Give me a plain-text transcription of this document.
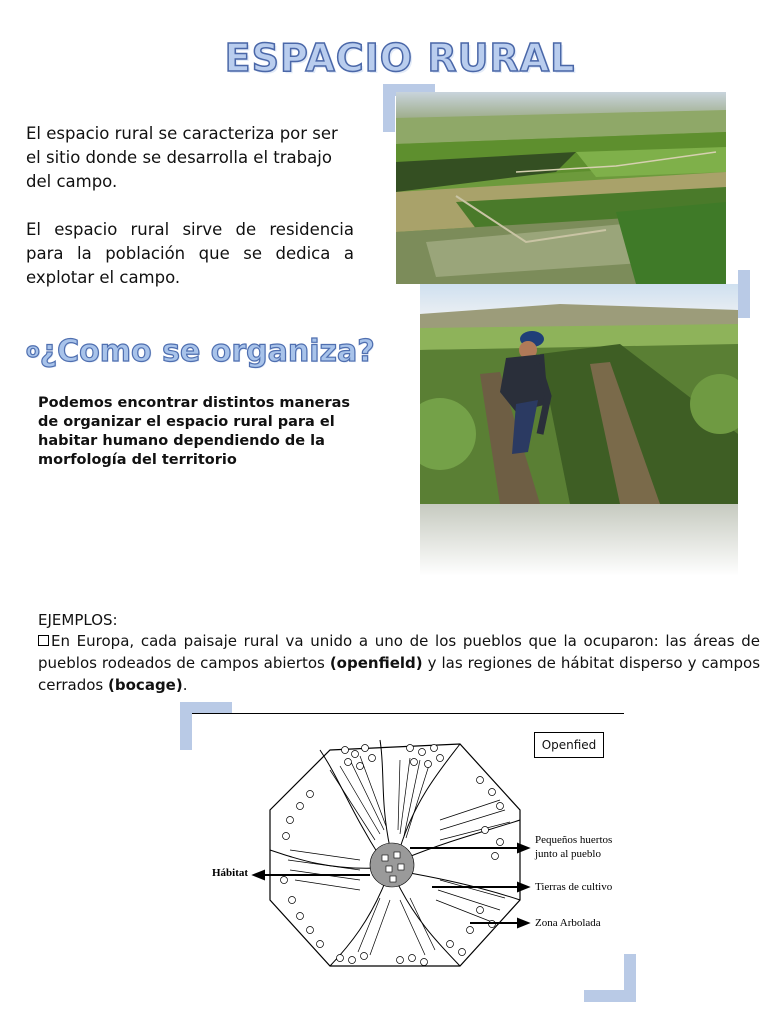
ESPACIO RURAL
El espacio rural se caracteriza por ser el sitio donde se desarrolla el trabajo del campo.
El espacio rural sirve de residencia para la población que se dedica a explotar el campo.
o¿Como se organiza?
Podemos encontrar distintos maneras de organizar el espacio rural para el habitar humano dependiendo de la morfología del territorio
EJEMPLOS:
En Europa, cada paisaje rural va unido a uno de los pueblos que la ocuparon: las áreas de pueblos rodeados de campos abiertos (openfield) y las regiones de hábitat disperso y campos cerrados (bocage).
Openfied
Hábitat
Pequeños huertos
junto al pueblo
Tierras de cultivo
Zona Arbolada
